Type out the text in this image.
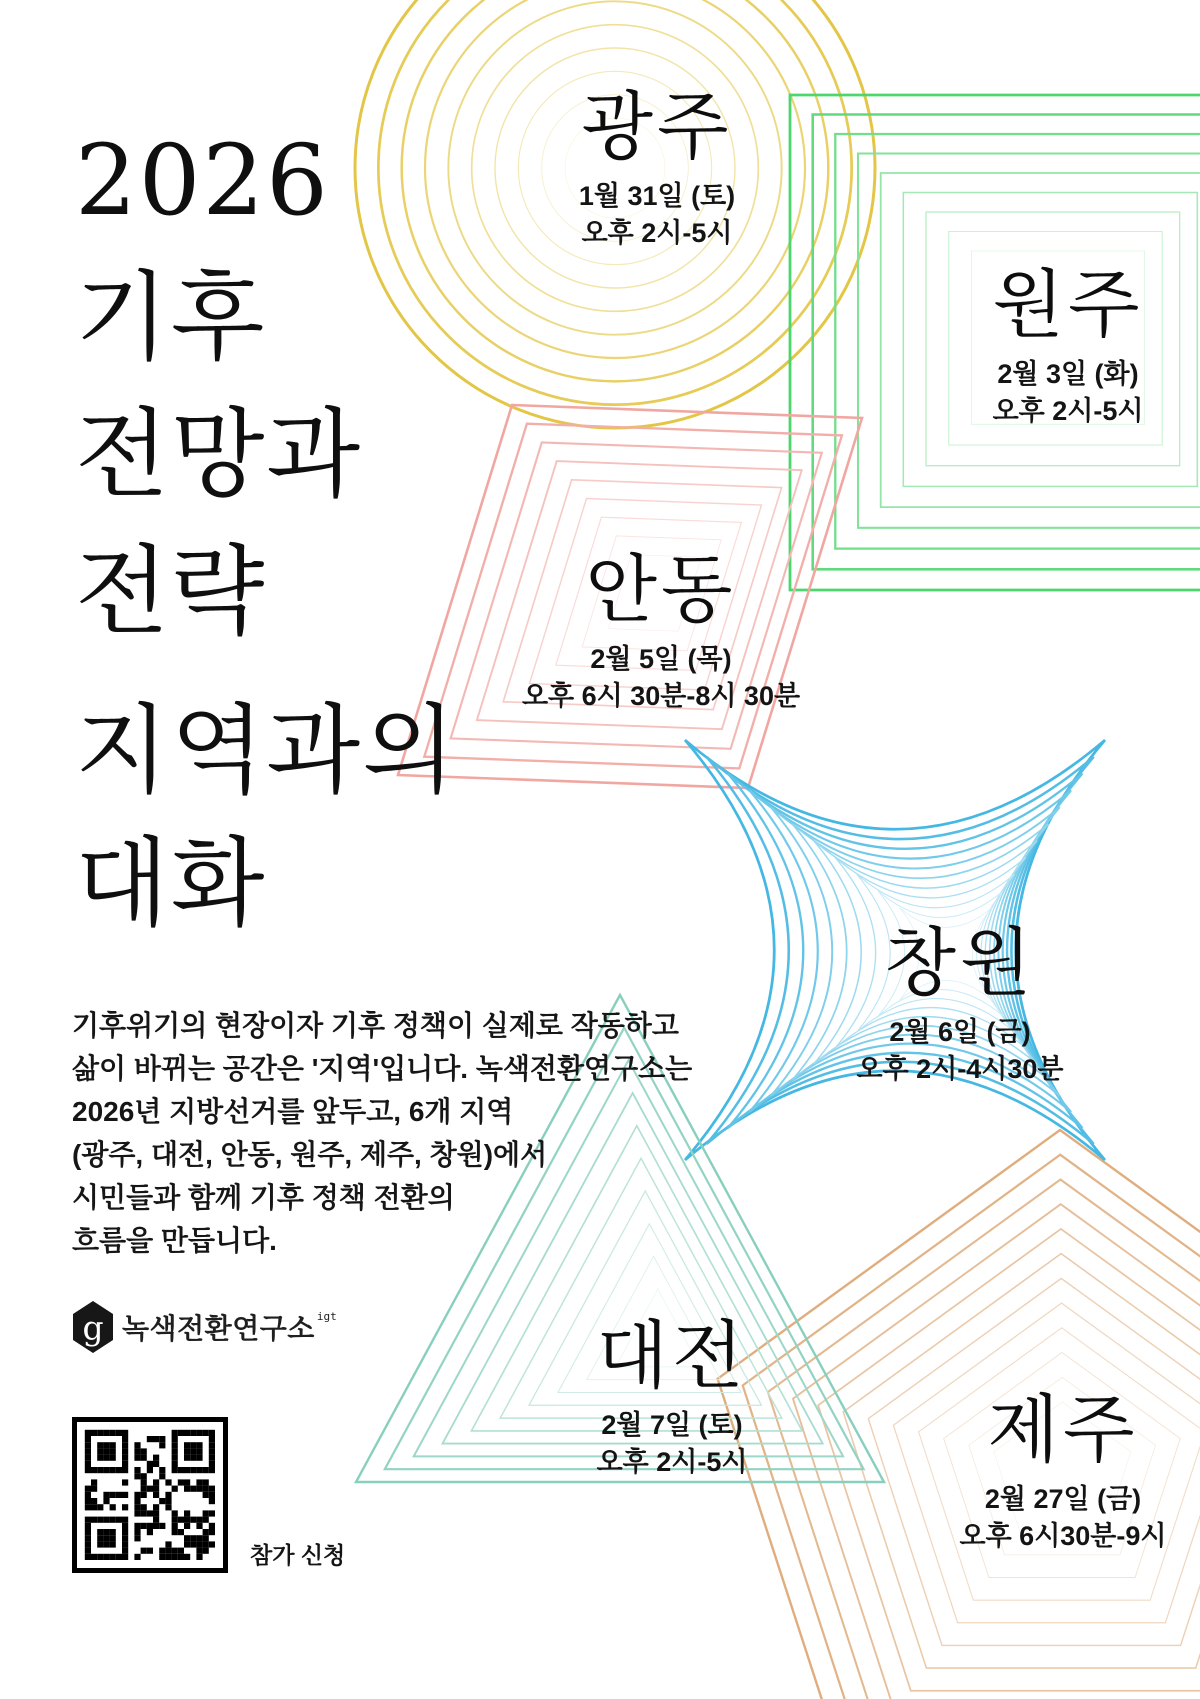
2026
기후
전망과
전략
지역과의
대화
광주
1월 31일 (토)
오후 2시-5시
원주
2월 3일 (화)
오후 2시-5시
안동
2월 5일 (목)
오후 6시 30분-8시 30분
창원
2월 6일 (금)
오후 2시-4시30분
대전
2월 7일 (토)
오후 2시-5시	제주
2월 27일 (금)
오후 6시30분-9시
기후위기의 현장이자 기후 정책이 실제로 작동하고
삶이 바뀌는 공간은 '지역'입니다. 녹색전환연구소는
2026년 지방선거를 앞두고, 6개 지역
(광주, 대전, 안동, 원주, 제주, 창원)에서
시민들과 함께 기후 정책 전환의
흐름을 만듭니다.
g 녹색전환연구소 igt
참가 신청
